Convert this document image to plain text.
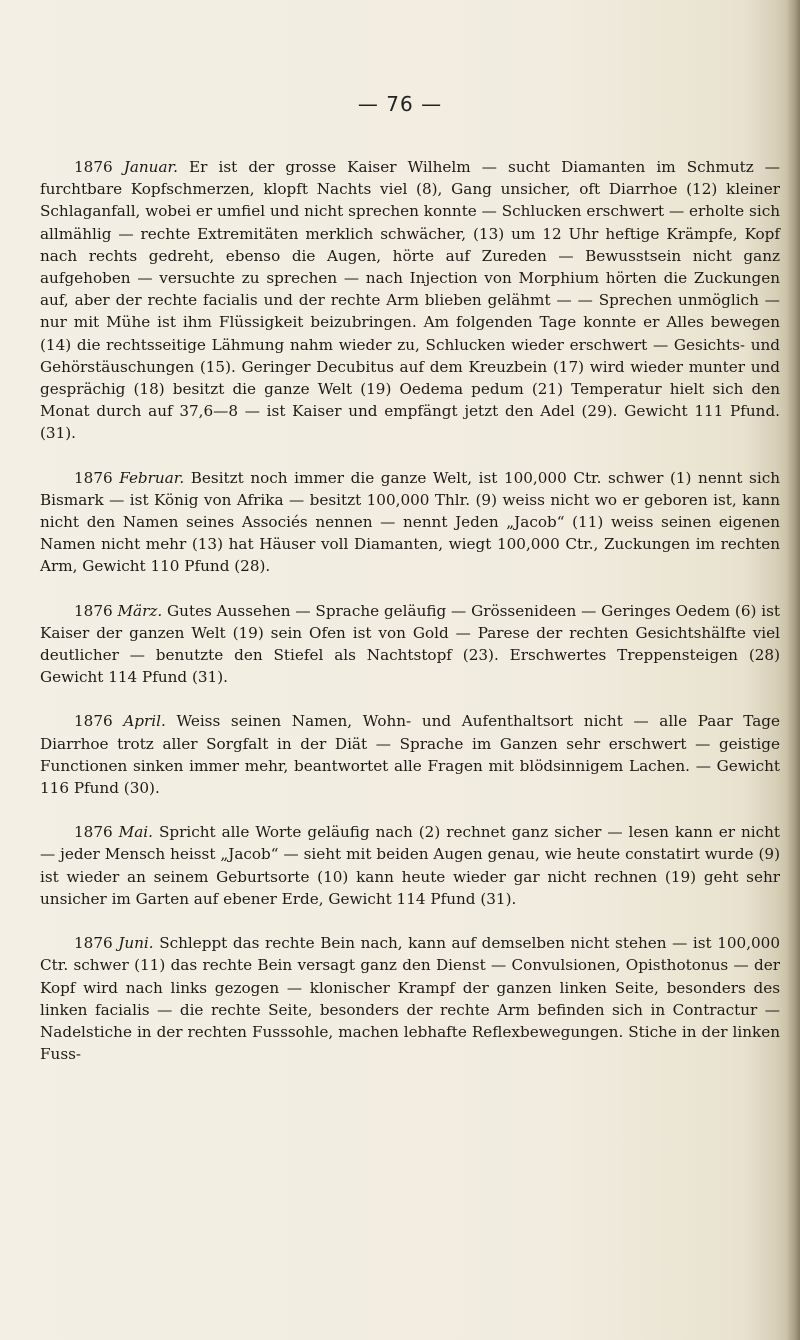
— 76 —

1876 Januar. Er ist der grosse Kaiser Wilhelm — sucht Diamanten im Schmutz — furchtbare Kopfschmerzen, klopft Nachts viel (8), Gang unsicher, oft Diarrhoe (12) kleiner Schlaganfall, wobei er umfiel und nicht sprechen konnte — Schlucken erschwert — erholte sich allmählig — rechte Extremitäten merklich schwächer, (13) um 12 Uhr heftige Krämpfe, Kopf nach rechts gedreht, ebenso die Augen, hörte auf Zureden — Bewusstsein nicht ganz aufgehoben — versuchte zu sprechen — nach Injection von Morphium hörten die Zuckungen auf, aber der rechte facialis und der rechte Arm blieben gelähmt — — Sprechen unmöglich — nur mit Mühe ist ihm Flüssigkeit beizubringen. Am folgenden Tage konnte er Alles bewegen (14) die rechtsseitige Lähmung nahm wieder zu, Schlucken wieder erschwert — Gesichts- und Gehörstäuschungen (15). Geringer Decubitus auf dem Kreuzbein (17) wird wieder munter und gesprächig (18) besitzt die ganze Welt (19) Oedema pedum (21) Temperatur hielt sich den Monat durch auf 37,6—8 — ist Kaiser und empfängt jetzt den Adel (29). Gewicht 111 Pfund. (31).

1876 Februar. Besitzt noch immer die ganze Welt, ist 100,000 Ctr. schwer (1) nennt sich Bismark — ist König von Afrika — besitzt 100,000 Thlr. (9) weiss nicht wo er geboren ist, kann nicht den Namen seines Associés nennen — nennt Jeden „Jacob“ (11) weiss seinen eigenen Namen nicht mehr (13) hat Häuser voll Diamanten, wiegt 100,000 Ctr., Zuckungen im rechten Arm, Gewicht 110 Pfund (28).

1876 März. Gutes Aussehen — Sprache geläufig — Grössenideen — Geringes Oedem (6) ist Kaiser der ganzen Welt (19) sein Ofen ist von Gold — Parese der rechten Gesichtshälfte viel deutlicher — benutzte den Stiefel als Nachtstopf (23). Erschwertes Treppensteigen (28) Gewicht 114 Pfund (31).

1876 April. Weiss seinen Namen, Wohn- und Aufenthaltsort nicht — alle Paar Tage Diarrhoe trotz aller Sorgfalt in der Diät — Sprache im Ganzen sehr erschwert — geistige Functionen sinken immer mehr, beantwortet alle Fragen mit blödsinnigem Lachen. — Gewicht 116 Pfund (30).

1876 Mai. Spricht alle Worte geläufig nach (2) rechnet ganz sicher — lesen kann er nicht — jeder Mensch heisst „Jacob“ — sieht mit beiden Augen genau, wie heute constatirt wurde (9) ist wieder an seinem Geburtsorte (10) kann heute wieder gar nicht rechnen (19) geht sehr unsicher im Garten auf ebener Erde, Gewicht 114 Pfund (31).

1876 Juni. Schleppt das rechte Bein nach, kann auf demselben nicht stehen — ist 100,000 Ctr. schwer (11) das rechte Bein versagt ganz den Dienst — Convulsionen, Opisthotonus — der Kopf wird nach links gezogen — klonischer Krampf der ganzen linken Seite, besonders des linken facialis — die rechte Seite, besonders der rechte Arm befinden sich in Contractur — Nadelstiche in der rechten Fusssohle, machen lebhafte Reflexbewegungen. Stiche in der linken Fuss-
